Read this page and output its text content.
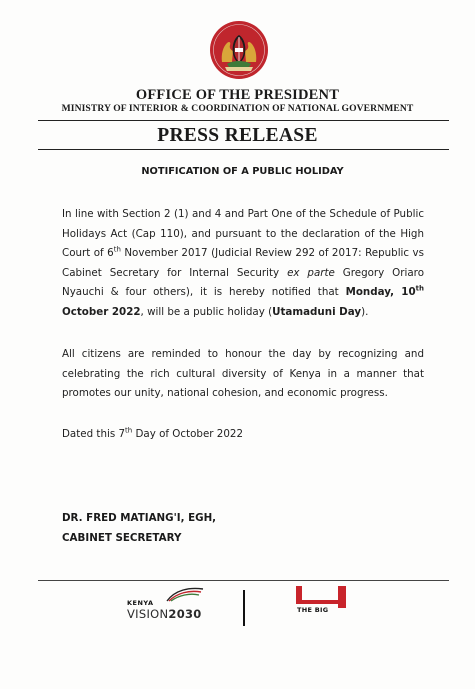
OFFICE OF THE PRESIDENT
MINISTRY OF INTERIOR & COORDINATION OF NATIONAL GOVERNMENT
PRESS RELEASE
NOTIFICATION OF A PUBLIC HOLIDAY
In line with Section 2 (1) and 4 and Part One of the Schedule of Public Holidays Act (Cap 110), and pursuant to the declaration of the High Court of 6th November 2017 (Judicial Review 292 of 2017: Republic vs Cabinet Secretary for Internal Security ex parte Gregory Oriaro Nyauchi & four others), it is hereby notified that Monday, 10th October 2022, will be a public holiday (Utamaduni Day).
All citizens are reminded to honour the day by recognizing and celebrating the rich cultural diversity of Kenya in a manner that promotes our unity, national cohesion, and economic progress.
Dated this 7th Day of October 2022
DR. FRED MATIANG'I, EGH,
CABINET SECRETARY
KENYA
VISION2030	THE BIG
